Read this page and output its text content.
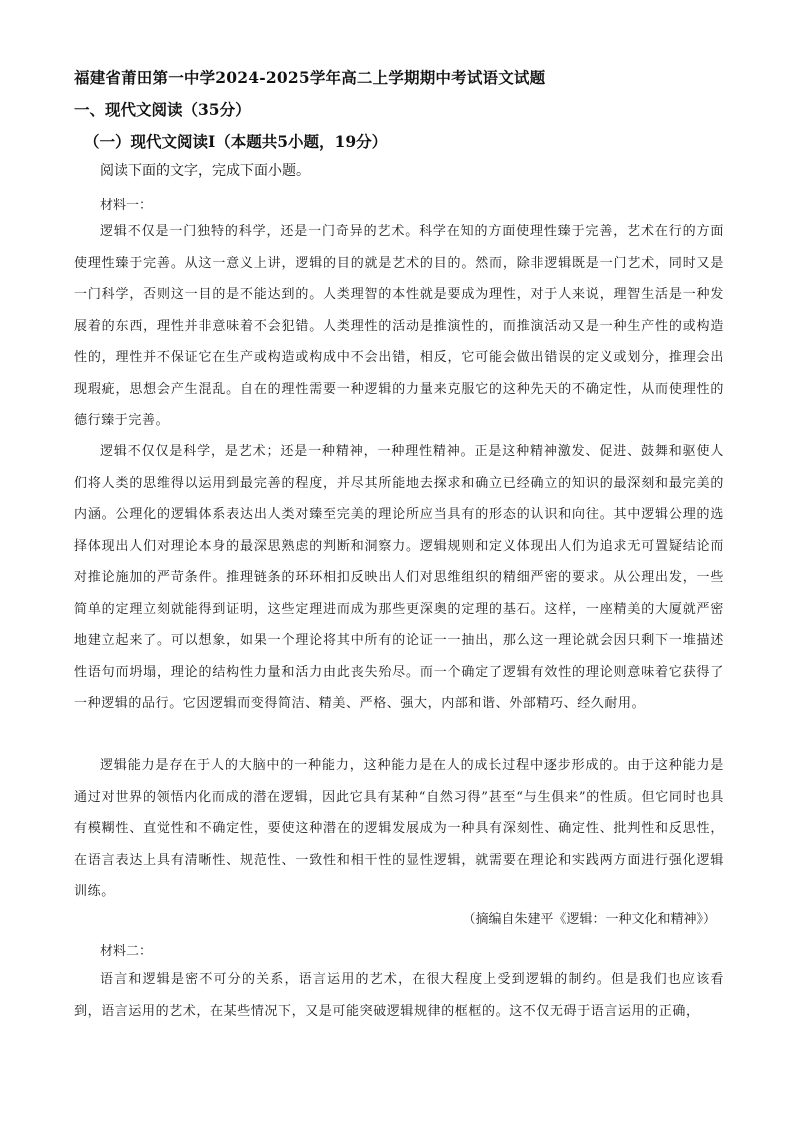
福建省莆田第一中学2024-2025学年高二上学期期中考试语文试题
一、现代文阅读（35分）
（一）现代文阅读Ⅰ（本题共5小题，19分）
阅读下面的文字，完成下面小题。
材料一：
逻辑不仅是一门独特的科学，还是一门奇异的艺术。科学在知的方面使理性臻于完善，艺术在行的方面使理性臻于完善。从这一意义上讲，逻辑的目的就是艺术的目的。然而，除非逻辑既是一门艺术，同时又是一门科学，否则这一目的是不能达到的。人类理智的本性就是要成为理性，对于人来说，理智生活是一种发展着的东西，理性并非意味着不会犯错。人类理性的活动是推演性的，而推演活动又是一种生产性的或构造性的，理性并不保证它在生产或构造或构成中不会出错，相反，它可能会做出错误的定义或划分，推理会出现瑕疵，思想会产生混乱。自在的理性需要一种逻辑的力量来克服它的这种先天的不确定性，从而使理性的德行臻于完善。
逻辑不仅仅是科学，是艺术；还是一种精神，一种理性精神。正是这种精神激发、促进、鼓舞和驱使人们将人类的思维得以运用到最完善的程度，并尽其所能地去探求和确立已经确立的知识的最深刻和最完美的内涵。公理化的逻辑体系表达出人类对臻至完美的理论所应当具有的形态的认识和向往。其中逻辑公理的选择体现出人们对理论本身的最深思熟虑的判断和洞察力。逻辑规则和定义体现出人们为追求无可置疑结论而对推论施加的严苛条件。推理链条的环环相扣反映出人们对思维组织的精细严密的要求。从公理出发，一些简单的定理立刻就能得到证明，这些定理进而成为那些更深奥的定理的基石。这样，一座精美的大厦就严密地建立起来了。可以想象，如果一个理论将其中所有的论证一一抽出，那么这一理论就会因只剩下一堆描述性语句而坍塌，理论的结构性力量和活力由此丧失殆尽。而一个确定了逻辑有效性的理论则意味着它获得了一种逻辑的品行。它因逻辑而变得简洁、精美、严格、强大，内部和谐、外部精巧、经久耐用。
逻辑能力是存在于人的大脑中的一种能力，这种能力是在人的成长过程中逐步形成的。由于这种能力是通过对世界的领悟内化而成的潜在逻辑，因此它具有某种“自然习得”甚至“与生俱来”的性质。但它同时也具有模糊性、直觉性和不确定性，要使这种潜在的逻辑发展成为一种具有深刻性、确定性、批判性和反思性，在语言表达上具有清晰性、规范性、一致性和相干性的显性逻辑，就需要在理论和实践两方面进行强化逻辑训练。
（摘编自朱建平《逻辑：一种文化和精神》）
材料二：
语言和逻辑是密不可分的关系，语言运用的艺术，在很大程度上受到逻辑的制约。但是我们也应该看到，语言运用的艺术，在某些情况下，又是可能突破逻辑规律的框框的。这不仅无碍于语言运用的正确，
